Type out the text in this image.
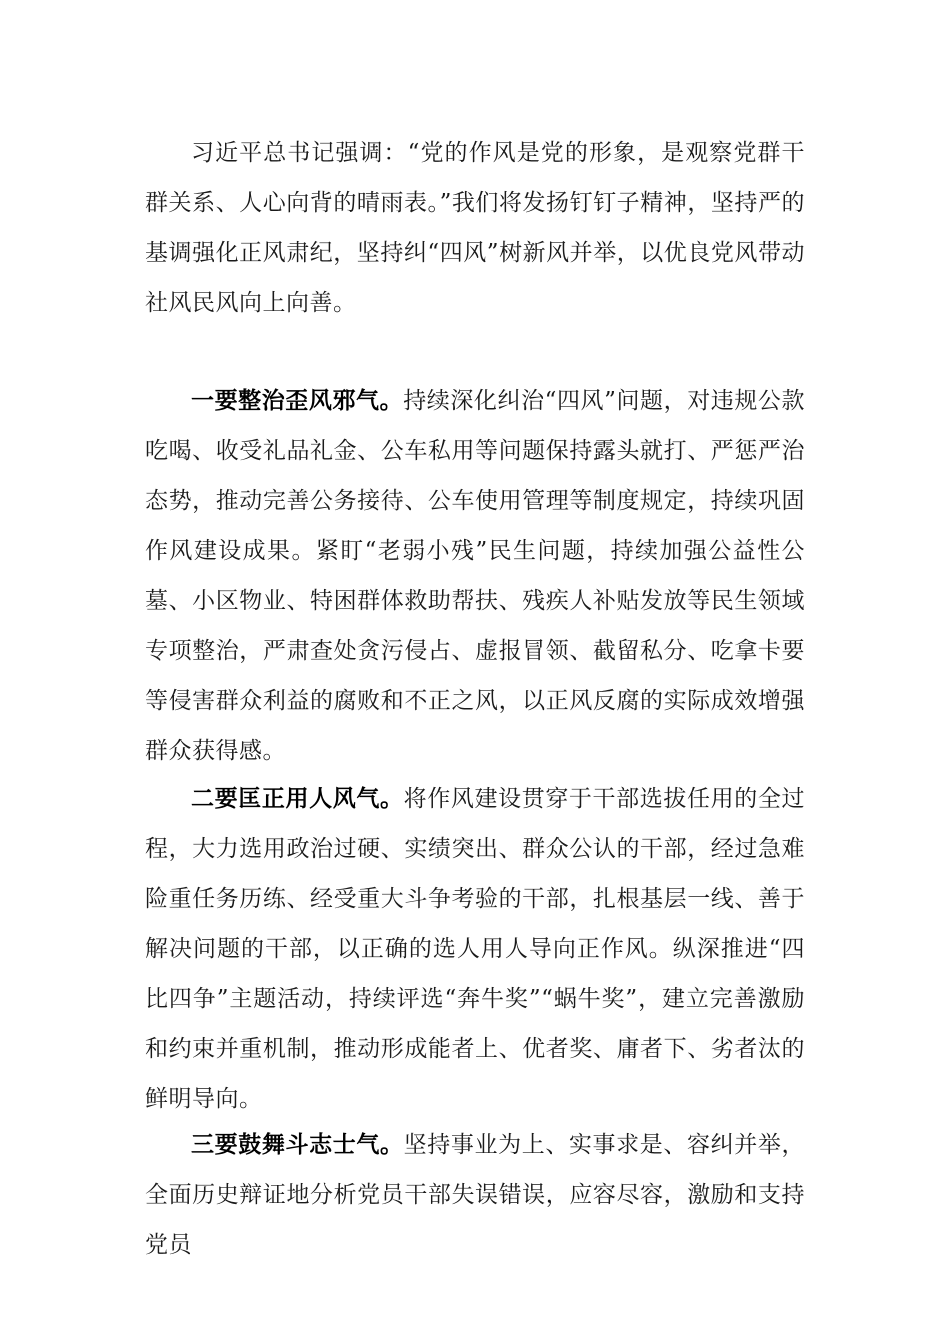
习近平总书记强调：“党的作风是党的形象，是观察党群干群关系、人心向背的晴雨表。”我们将发扬钉钉子精神，坚持严的基调强化正风肃纪，坚持纠“四风”树新风并举，以优良党风带动社风民风向上向善。

一要整治歪风邪气。持续深化纠治“四风”问题，对违规公款吃喝、收受礼品礼金、公车私用等问题保持露头就打、严惩严治态势，推动完善公务接待、公车使用管理等制度规定，持续巩固作风建设成果。紧盯“老弱小残”民生问题，持续加强公益性公墓、小区物业、特困群体救助帮扶、残疾人补贴发放等民生领域专项整治，严肃查处贪污侵占、虚报冒领、截留私分、吃拿卡要等侵害群众利益的腐败和不正之风，以正风反腐的实际成效增强群众获得感。

二要匡正用人风气。将作风建设贯穿于干部选拔任用的全过程，大力选用政治过硬、实绩突出、群众公认的干部，经过急难险重任务历练、经受重大斗争考验的干部，扎根基层一线、善于解决问题的干部，以正确的选人用人导向正作风。纵深推进“四比四争”主题活动，持续评选“奔牛奖”“蜗牛奖”，建立完善激励和约束并重机制，推动形成能者上、优者奖、庸者下、劣者汰的鲜明导向。

三要鼓舞斗志士气。坚持事业为上、实事求是、容纠并举，全面历史辩证地分析党员干部失误错误，应容尽容，激励和支持党员
